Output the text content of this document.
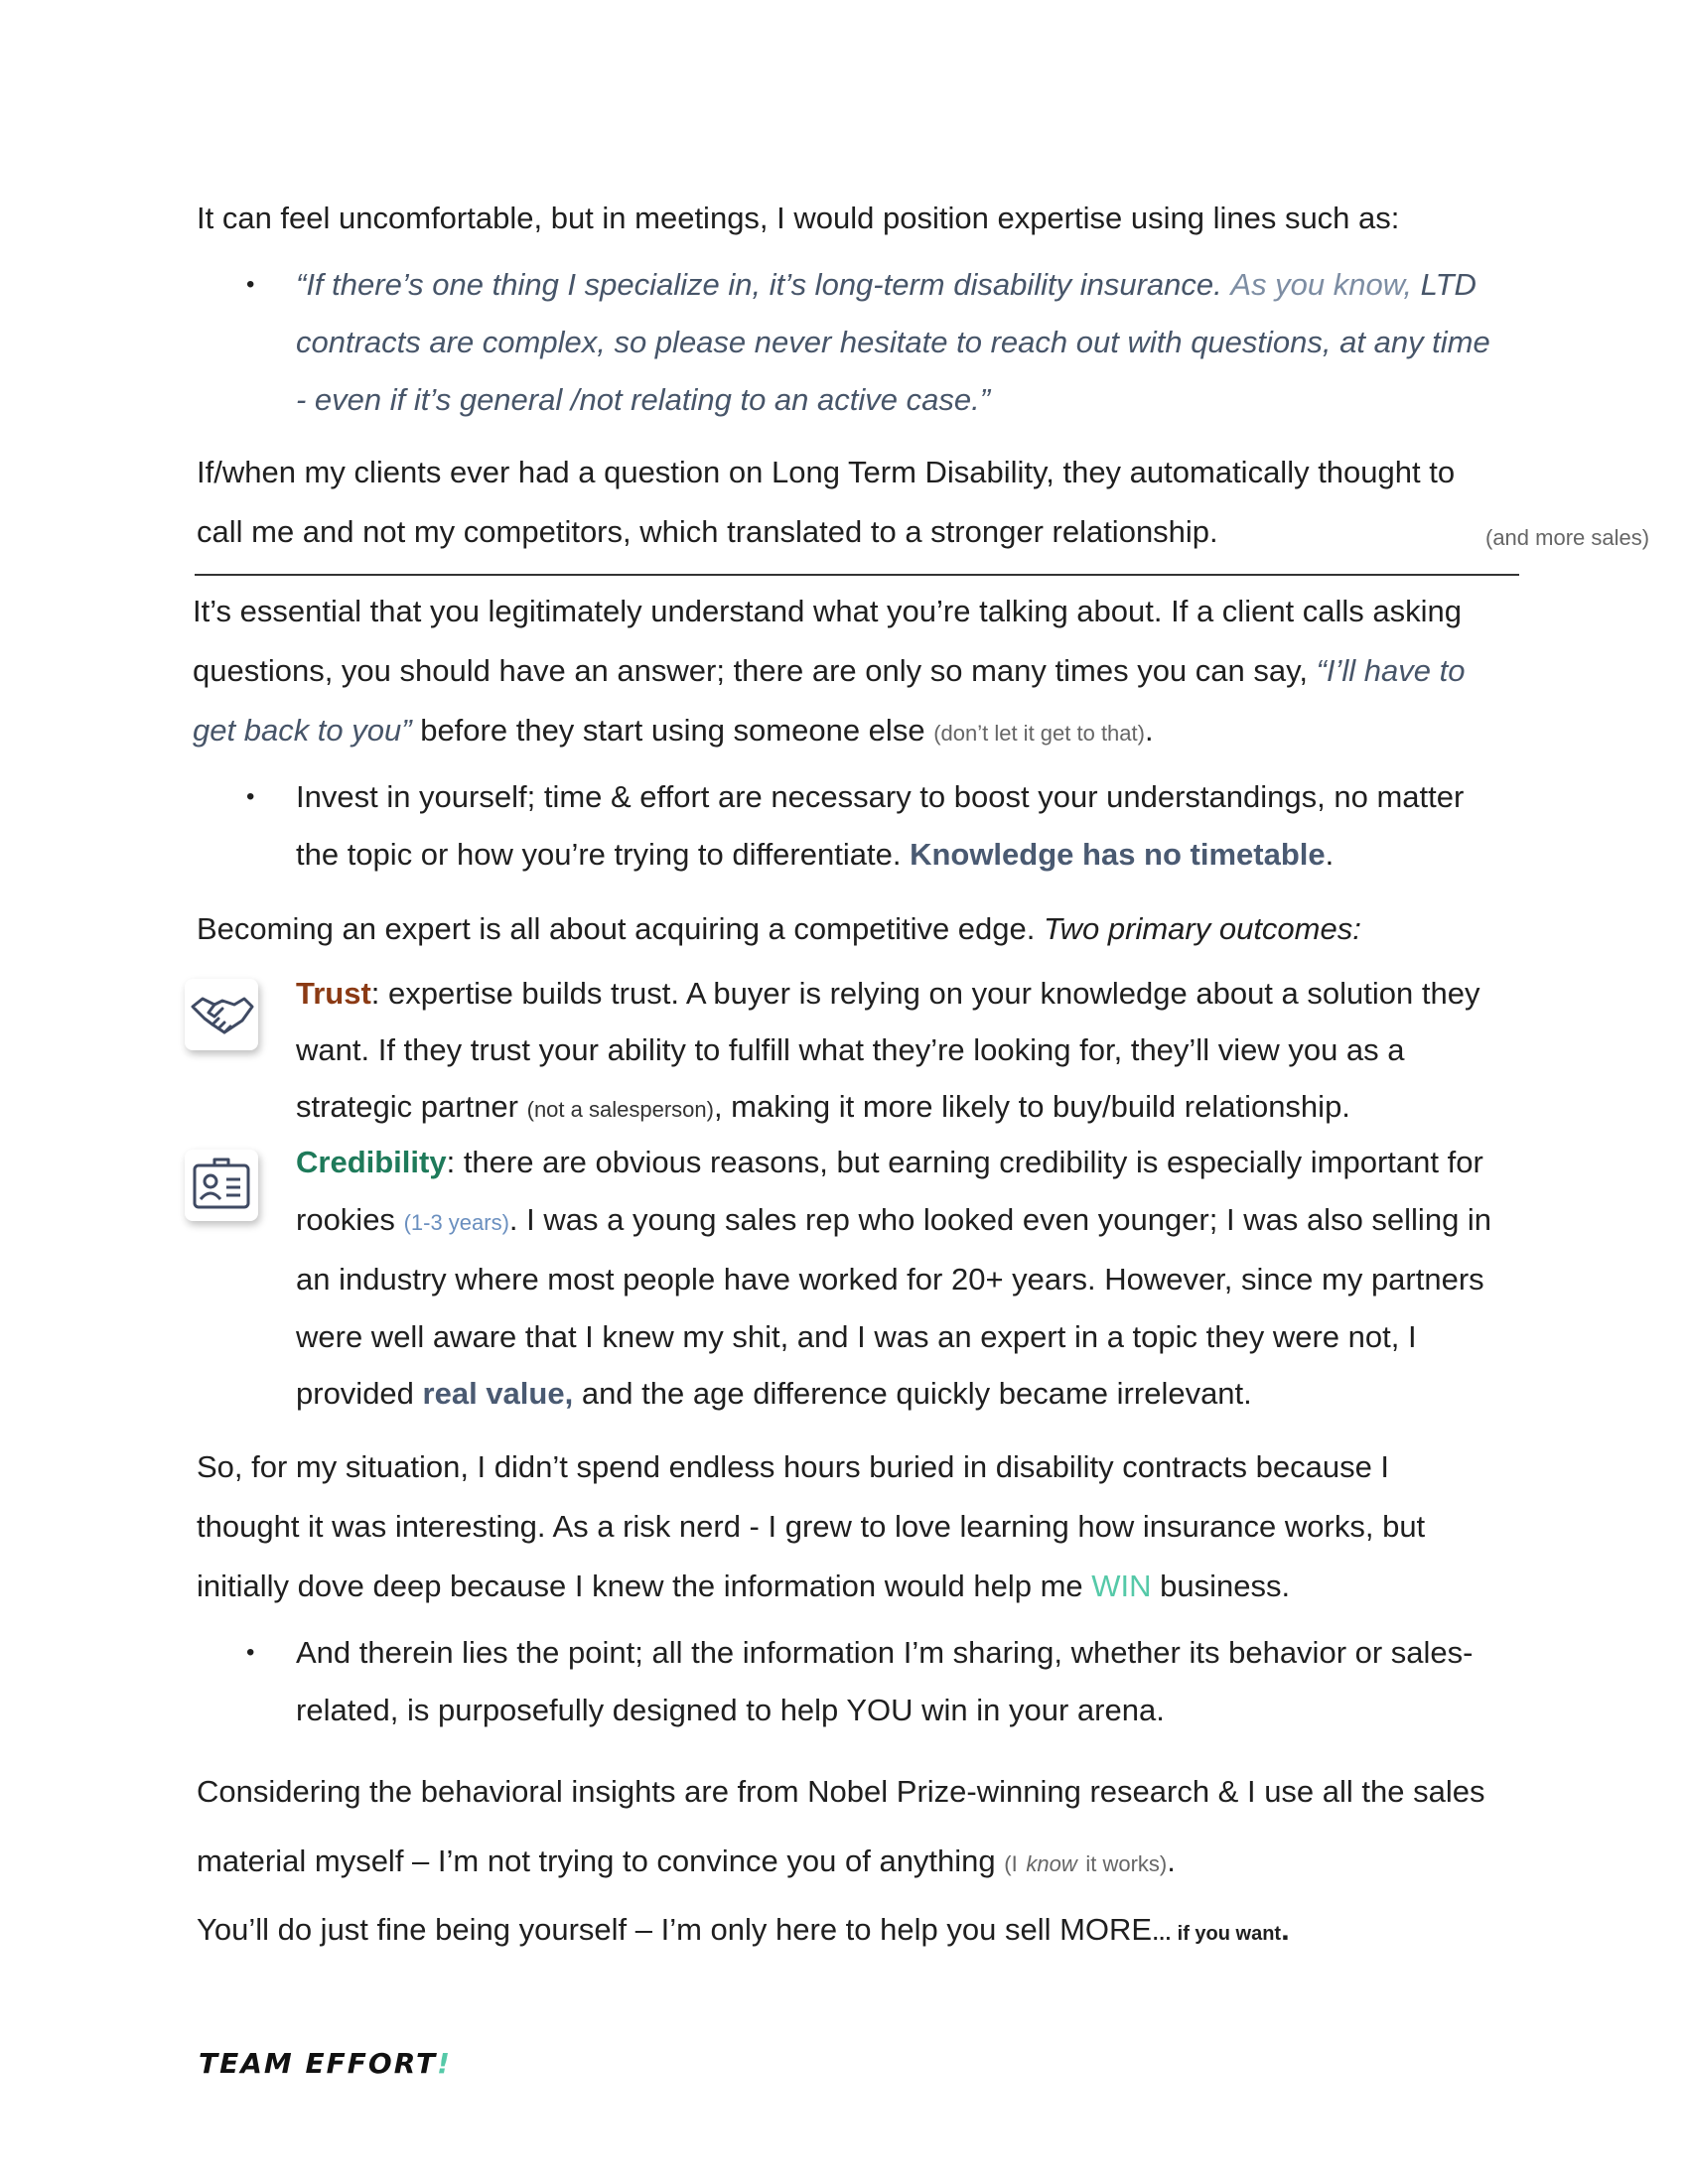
It can feel uncomfortable, but in meetings, I would position expertise using lines such as:

• “If there’s one thing I specialize in, it’s long-term disability insurance. As you know, LTD contracts are complex, so please never hesitate to reach out with questions, at any time - even if it’s general /not relating to an active case.”

If/when my clients ever had a question on Long Term Disability, they automatically thought to call me and not my competitors, which translated to a stronger relationship.	(and more sales)

It’s essential that you legitimately understand what you’re talking about. If a client calls asking questions, you should have an answer; there are only so many times you can say, “I’ll have to get back to you” before they start using someone else (don’t let it get to that).

• Invest in yourself; time & effort are necessary to boost your understandings, no matter the topic or how you’re trying to differentiate. Knowledge has no timetable.

Becoming an expert is all about acquiring a competitive edge. Two primary outcomes:

Trust: expertise builds trust. A buyer is relying on your knowledge about a solution they want. If they trust your ability to fulfill what they’re looking for, they’ll view you as a strategic partner (not a salesperson), making it more likely to buy/build relationship.

Credibility: there are obvious reasons, but earning credibility is especially important for rookies (1-3 years). I was a young sales rep who looked even younger; I was also selling in an industry where most people have worked for 20+ years. However, since my partners were well aware that I knew my shit, and I was an expert in a topic they were not, I provided real value, and the age difference quickly became irrelevant.

So, for my situation, I didn’t spend endless hours buried in disability contracts because I thought it was interesting. As a risk nerd - I grew to love learning how insurance works, but initially dove deep because I knew the information would help me WIN business.

• And therein lies the point; all the information I’m sharing, whether its behavior or sales-related, is purposefully designed to help YOU win in your arena.

Considering the behavioral insights are from Nobel Prize-winning research & I use all the sales material myself – I’m not trying to convince you of anything (I know it works).

You’ll do just fine being yourself – I’m only here to help you sell MORE… if you want.

TEAM EFFORT!
